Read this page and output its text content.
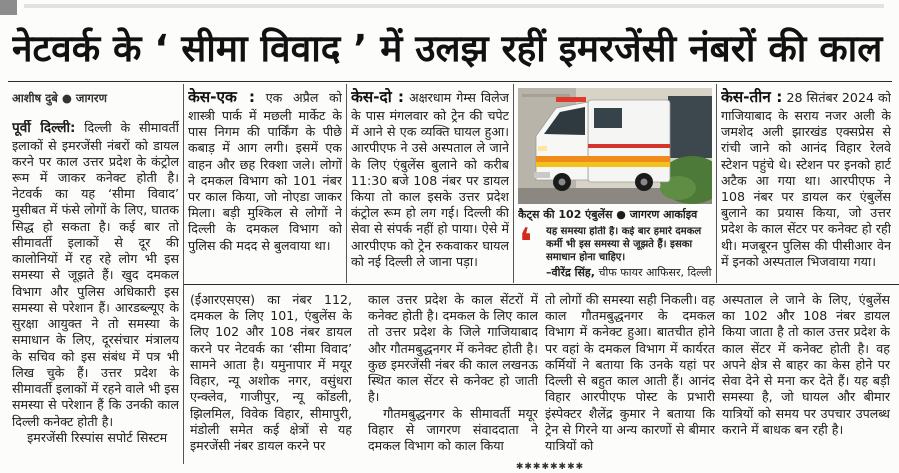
नेटवर्क के ‘ सीमा विवाद ’ में उलझ रहीं इमरजेंसी नंबरों की काल
आशीष दुबे ● जागरण

पूर्वी दिल्ली: दिल्ली के सीमावर्ती इलाकों से इमरजेंसी नंबरों को डायल करने पर काल उत्तर प्रदेश के कंट्रोल रूम में जाकर कनेक्ट होती है। नेटवर्क का यह ‘सीमा विवाद’ मुसीबत में फंसे लोगों के लिए, घातक सिद्ध हो सकता है। कई बार तो सीमावर्ती इलाकों से दूर की कालोनियों में रह रहे लोग भी इस समस्या से जूझते हैं। खुद दमकल विभाग और पुलिस अधिकारी इस समस्या से परेशान हैं। आरडब्ल्यूए के सुरक्षा आयुक्त ने तो समस्या के समाधान के लिए, दूरसंचार मंत्रालय के सचिव को इस संबंध में पत्र भी लिख चुके हैं। उत्तर प्रदेश के सीमावर्ती इलाकों में रहने वाले भी इस समस्या से परेशान हैं कि उनकी काल दिल्ली कनेक्ट होती है।

इमरजेंसी रिस्पांस सपोर्ट सिस्टम

केस-एक : एक अप्रैल को शास्त्री पार्क में मछली मार्केट के पास निगम की पार्किंग के पीछे कबाड़ में आग लगी। इसमें एक वाहन और छह रिक्शा जले। लोगों ने दमकल विभाग को 101 नंबर पर काल किया, जो नोएडा जाकर मिला। बड़ी मुश्किल से लोगों ने दिल्ली के दमकल विभाग को पुलिस की मदद से बुलवाया था।

केस-दो : अक्षरधाम गेम्स विलेज के पास मंगलवार को ट्रेन की चपेट में आने से एक व्यक्ति घायल हुआ। आरपीएफ ने उसे अस्पताल ले जाने के लिए एंबुलेंस बुलाने को करीब 11:30 बजे 108 नंबर पर डायल किया तो काल इसके उत्तर प्रदेश कंट्रोल रूम हो लग गई। दिल्ली की सेवा से संपर्क नहीं हो पाया। ऐसे में आरपीएफ को ट्रेन रुकवाकर घायल को नई दिल्ली ले जाना पड़ा।

कैट्स की 102 एंबुलेंस ● जागरण आर्काइव
❛	यह समस्या होती है। कई बार हमारे दमकल कर्मी भी इस समस्या से जूझते हैं। इसका समाधान होना चाहिए।
–वीरेंद्र सिंह, चीफ फायर आफिसर, दिल्ली

केस-तीन : 28 सितंबर 2024 को गाजियाबाद के सराय नजर अली के जमशेद अली झारखंड एक्सप्रेस से रांची जाने को आनंद विहार रेलवे स्टेशन पहुंचे थे। स्टेशन पर इनको हार्ट अटैक आ गया था। आरपीएफ ने 108 नंबर पर डायल कर एंबुलेंस बुलाने का प्रयास किया, जो उत्तर प्रदेश के काल सेंटर पर कनेक्ट हो रही थी। मजबूरन पुलिस की पीसीआर वेन में इनको अस्पताल भिजवाया गया।

(ईआरएसएस) का नंबर 112, दमकल के लिए 101, एंबुलेंस के लिए 102 और 108 नंबर डायल करने पर नेटवर्क का ‘सीमा विवाद’ सामने आता है। यमुनापार में मयूर विहार, न्यू अशोक नगर, वसुंधरा एन्क्लेव, गाजीपुर, न्यू कोंडली, झिलमिल, विवेक विहार, सीमापुरी, मंडोली समेत कई क्षेत्रों से यह इमरजेंसी नंबर डायल करने पर

काल उत्तर प्रदेश के काल सेंटरों में कनेक्ट होती है। दमकल के लिए काल तो उत्तर प्रदेश के जिले गाजियाबाद और गौतमबुद्धनगर में कनेक्ट होती है। कुछ इमरजेंसी नंबर की काल लखनऊ स्थित काल सेंटर से कनेक्ट हो जाती है।

गौतमबुद्धनगर के सीमावर्ती मयूर विहार से जागरण संवाददाता ने दमकल विभाग को काल किया

तो लोगों की समस्या सही निकली। वह काल गौतमबुद्धनगर के दमकल विभाग में कनेक्ट हुआ। बातचीत होने पर वहां के दमकल विभाग में कार्यरत कर्मियों ने बताया कि उनके यहां पर दिल्ली से बहुत काल आती हैं। आनंद विहार आरपीएफ पोस्ट के प्रभारी इंस्पेक्टर शैलेंद्र कुमार ने बताया कि ट्रेन से गिरने या अन्य कारणों से बीमार यात्रियों को

अस्पताल ले जाने के लिए, एंबुलेंस का 102 और 108 नंबर डायल किया जाता है तो काल उत्तर प्रदेश के काल सेंटर में कनेक्ट होती है। वह अपने क्षेत्र से बाहर का केस होने पर सेवा देने से मना कर देते हैं। यह बड़ी समस्या है, जो घायल और बीमार यात्रियों को समय पर उपचार उपलब्ध कराने में बाधक बन रही है।

✱✱✱✱✱✱✱✱
